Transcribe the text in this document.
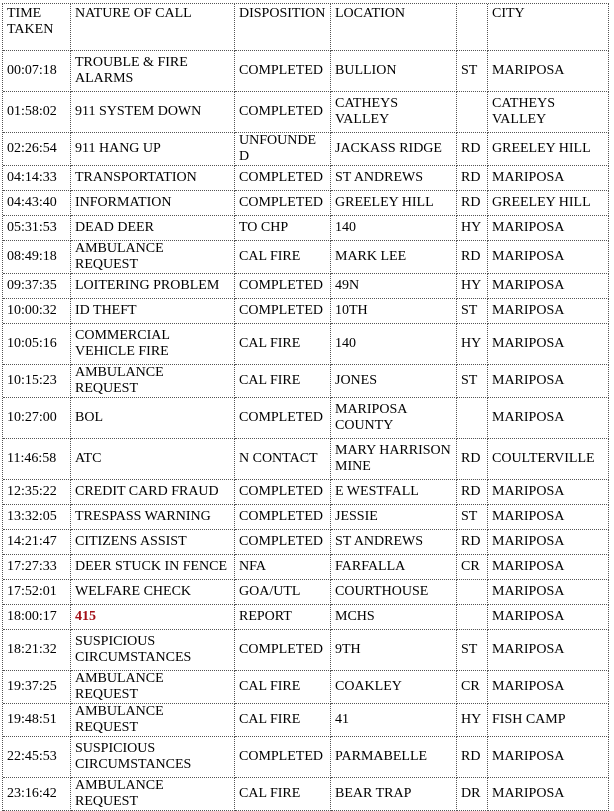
TIME TAKEN	NATURE OF CALL	DISPOSITION	LOCATION		CITY
00:07:18	TROUBLE & FIRE ALARMS	COMPLETED	BULLION	ST	MARIPOSA
01:58:02	911 SYSTEM DOWN	COMPLETED	CATHEYS VALLEY		CATHEYS VALLEY
02:26:54	911 HANG UP	UNFOUNDED	JACKASS RIDGE	RD	GREELEY HILL
04:14:33	TRANSPORTATION	COMPLETED	ST ANDREWS	RD	MARIPOSA
04:43:40	INFORMATION	COMPLETED	GREELEY HILL	RD	GREELEY HILL
05:31:53	DEAD DEER	TO CHP	140	HY	MARIPOSA
08:49:18	AMBULANCE REQUEST	CAL FIRE	MARK LEE	RD	MARIPOSA
09:37:35	LOITERING PROBLEM	COMPLETED	49N	HY	MARIPOSA
10:00:32	ID THEFT	COMPLETED	10TH	ST	MARIPOSA
10:05:16	COMMERCIAL VEHICLE FIRE	CAL FIRE	140	HY	MARIPOSA
10:15:23	AMBULANCE REQUEST	CAL FIRE	JONES	ST	MARIPOSA
10:27:00	BOL	COMPLETED	MARIPOSA COUNTY		MARIPOSA
11:46:58	ATC	N CONTACT	MARY HARRISON MINE	RD	COULTERVILLE
12:35:22	CREDIT CARD FRAUD	COMPLETED	E WESTFALL	RD	MARIPOSA
13:32:05	TRESPASS WARNING	COMPLETED	JESSIE	ST	MARIPOSA
14:21:47	CITIZENS ASSIST	COMPLETED	ST ANDREWS	RD	MARIPOSA
17:27:33	DEER STUCK IN FENCE	NFA	FARFALLA	CR	MARIPOSA
17:52:01	WELFARE CHECK	GOA/UTL	COURTHOUSE		MARIPOSA
18:00:17	415	REPORT	MCHS		MARIPOSA
18:21:32	SUSPICIOUS CIRCUMSTANCES	COMPLETED	9TH	ST	MARIPOSA
19:37:25	AMBULANCE REQUEST	CAL FIRE	COAKLEY	CR	MARIPOSA
19:48:51	AMBULANCE REQUEST	CAL FIRE	41	HY	FISH CAMP
22:45:53	SUSPICIOUS CIRCUMSTANCES	COMPLETED	PARMABELLE	RD	MARIPOSA
23:16:42	AMBULANCE REQUEST	CAL FIRE	BEAR TRAP	DR	MARIPOSA
